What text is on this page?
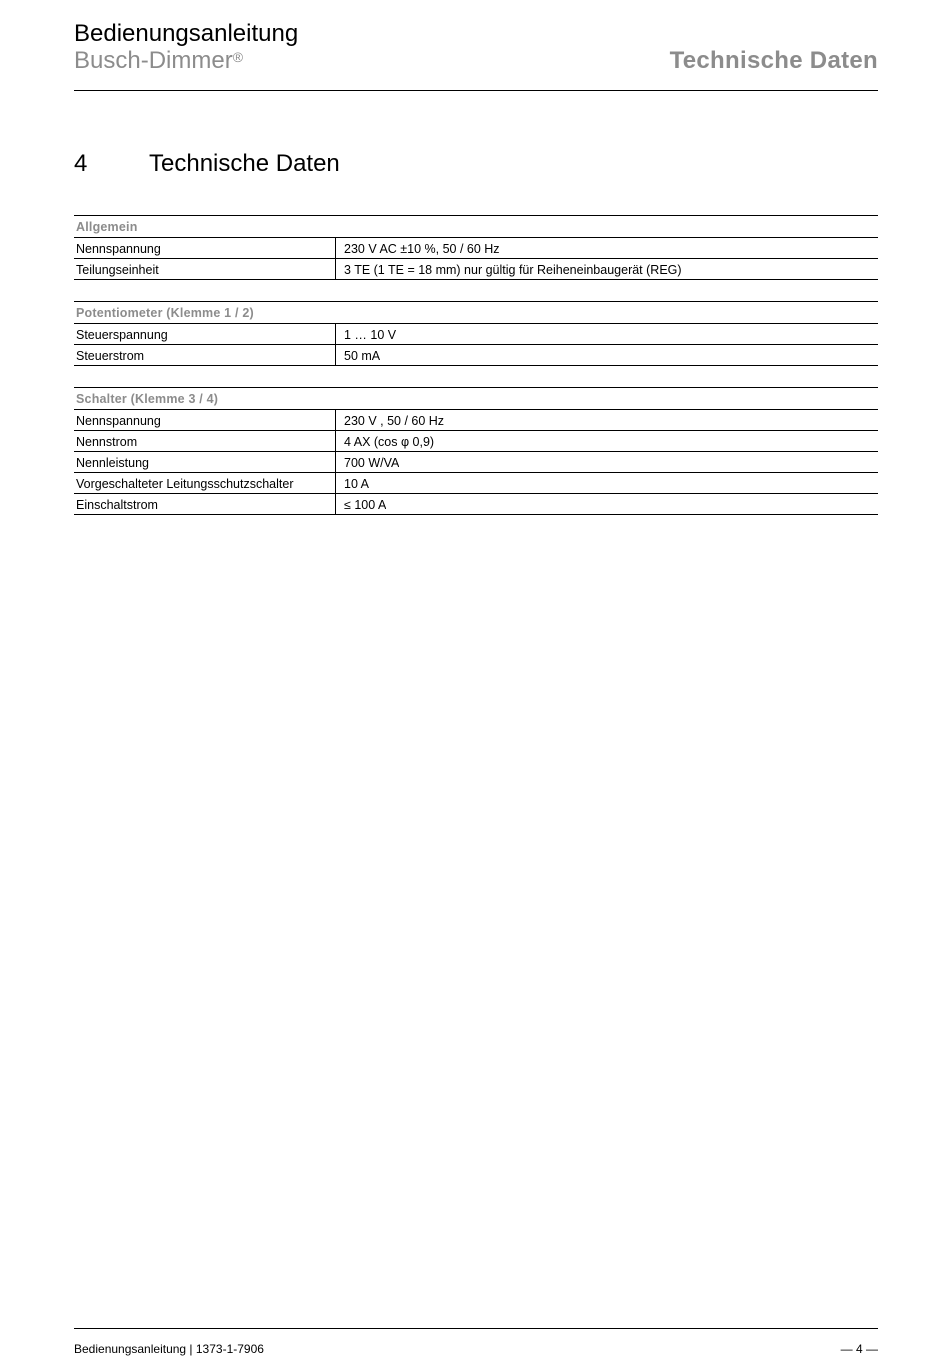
Bedienungsanleitung
Busch-Dimmer®	Technische Daten
4	Technische Daten
Allgemein
Nennspannung	230 V AC ±10 %, 50 / 60 Hz
Teilungseinheit	3 TE (1 TE = 18 mm) nur gültig für Reiheneinbaugerät (REG)
Potentiometer (Klemme 1 / 2)
Steuerspannung	1 … 10 V
Steuerstrom	50 mA
Schalter (Klemme 3 / 4)
Nennspannung	230 V , 50 / 60 Hz
Nennstrom	4 AX (cos φ 0,9)
Nennleistung	700 W/VA
Vorgeschalteter Leitungsschutzschalter	10 A
Einschaltstrom	≤ 100 A
Bedienungsanleitung | 1373-1-7906	— 4 —
